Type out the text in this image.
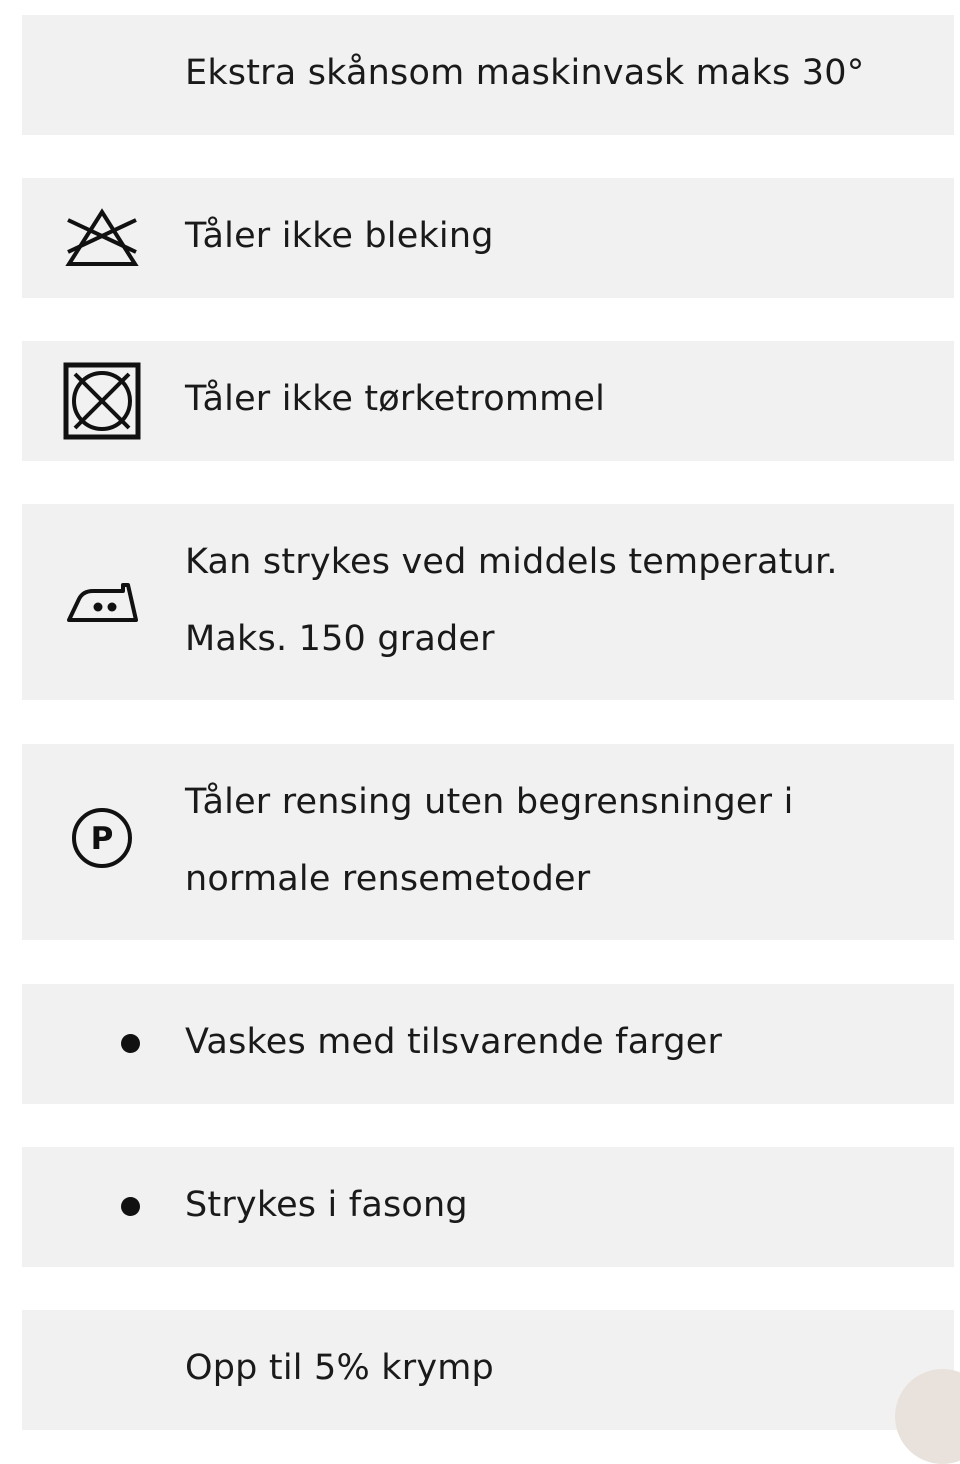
Ekstra skånsom maskinvask maks 30°
Tåler ikke bleking
Tåler ikke tørketrommel
Kan strykes ved middels temperatur.
Maks. 150 grader
P
Tåler rensing uten begrensninger i
normale rensemetoder
Vaskes med tilsvarende farger
Strykes i fasong
Opp til 5% krymp
